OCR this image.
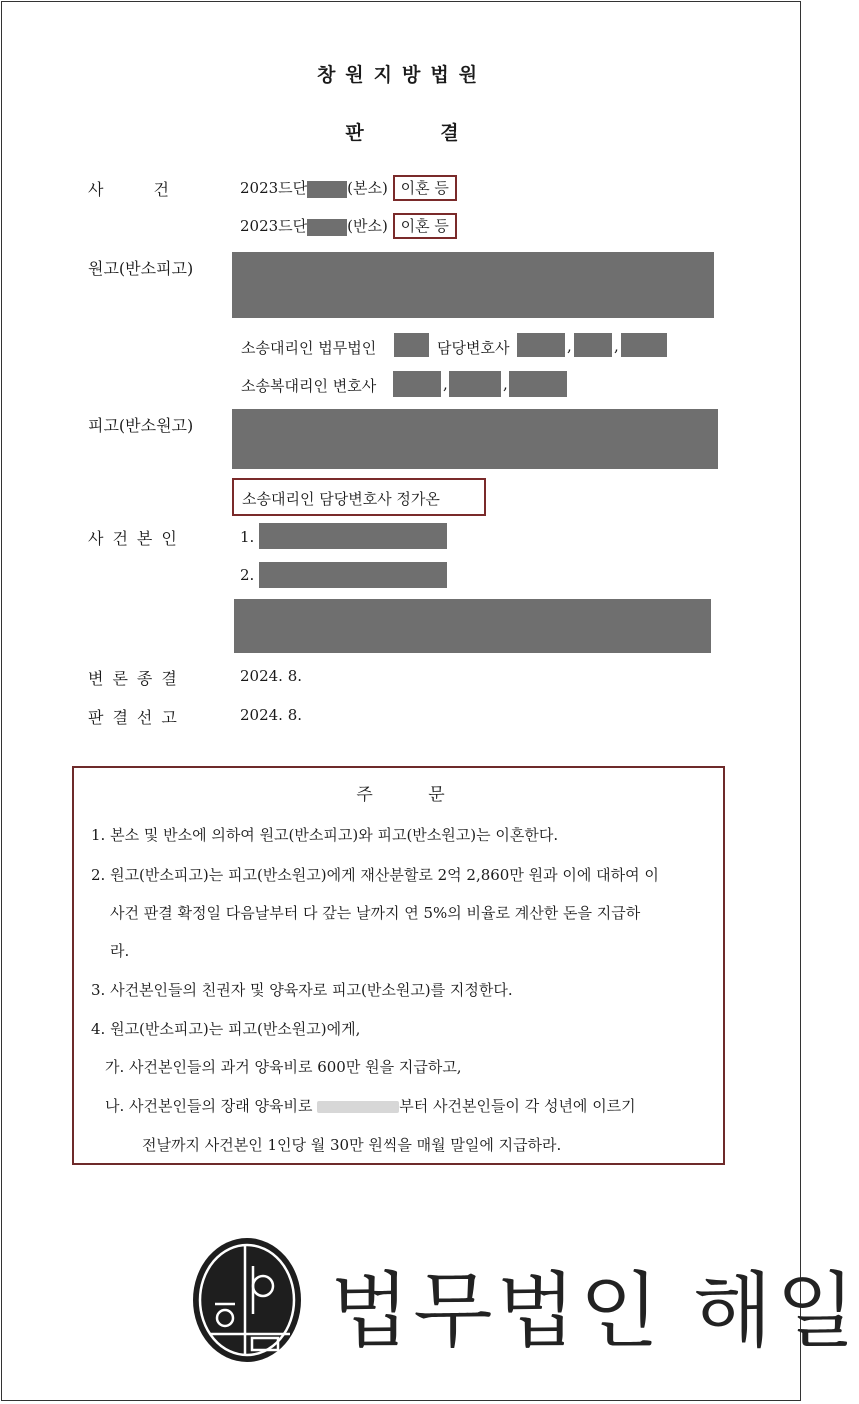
창원지방법원
판 결
사건 2023드단	(본소) 이혼 등
2023드단	(반소) 이혼 등
원고(반소피고)
소송대리인 법무법인	담당변호사	,	,
소송복대리인 변호사	,	,
피고(반소원고)
소송대리인 담당변호사 정가온
사건본인	1.
2.
변론종결	2024. 8.
판결선고	2024. 8.
주 문
1. 본소 및 반소에 의하여 원고(반소피고)와 피고(반소원고)는 이혼한다.
2. 원고(반소피고)는 피고(반소원고)에게 재산분할로 2억 2,860만 원과 이에 대하여 이
사건 판결 확정일 다음날부터 다 갚는 날까지 연 5%의 비율로 계산한 돈을 지급하
라.
3. 사건본인들의 친권자 및 양육자로 피고(반소원고)를 지정한다.
4. 원고(반소피고)는 피고(반소원고)에게,
가. 사건본인들의 과거 양육비로 600만 원을 지급하고,
나. 사건본인들의 장래 양육비로	부터 사건본인들이 각 성년에 이르기
전날까지 사건본인 1인당 월 30만 원씩을 매월 말일에 지급하라.
법무법인 해일
